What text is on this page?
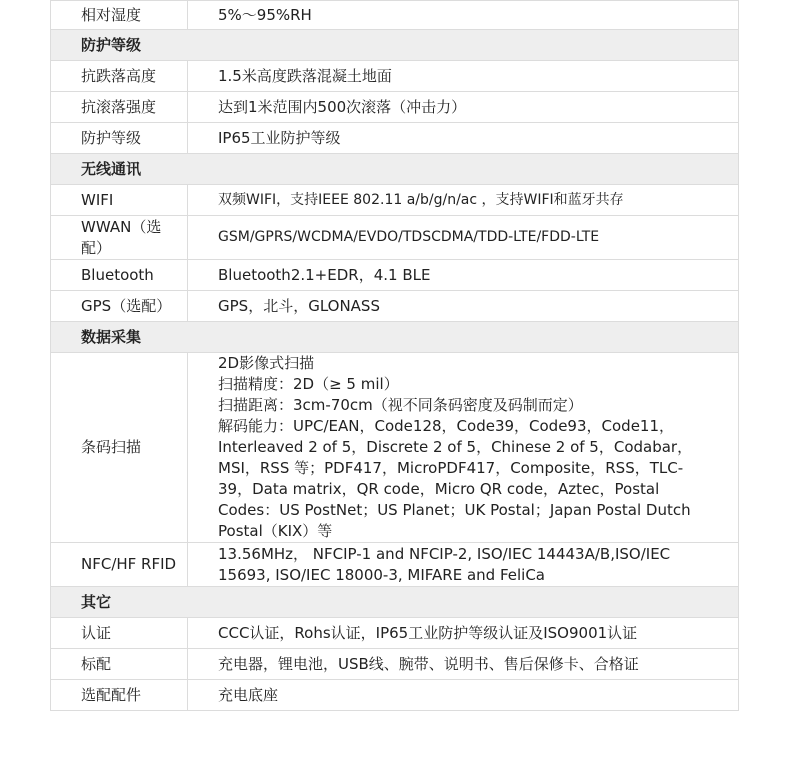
相对湿度	5%～95%RH
防护等级	
抗跌落高度	1.5米高度跌落混凝土地面
抗滚落强度	达到1米范围内500次滚落（冲击力）
防护等级	IP65工业防护等级
无线通讯	
WIFI	双频WIFI，支持IEEE 802.11 a/b/g/n/ac ，支持WIFI和蓝牙共存
WWAN（选配）	GSM/GPRS/WCDMA/EVDO/TDSCDMA/TDD-LTE/FDD-LTE
Bluetooth	Bluetooth2.1+EDR，4.1 BLE
GPS（选配）	GPS，北斗，GLONASS
数据采集	
条码扫描	2D影像式扫描
扫描精度：2D（≥ 5 mil）
扫描距离：3cm-70cm（视不同条码密度及码制而定）
解码能力：UPC/EAN，Code128，Code39，Code93，Code11，Interleaved 2 of 5，Discrete 2 of 5，Chinese 2 of 5，Codabar，MSI，RSS 等；PDF417，MicroPDF417，Composite，RSS，TLC-39，Data matrix，QR code，Micro QR code，Aztec，Postal Codes：US PostNet；US Planet；UK Postal；Japan Postal Dutch Postal（KIX）等

NFC/HF RFID	13.56MHz， NFCIP-1 and NFCIP-2, ISO/IEC 14443A/B,ISO/IEC 15693, ISO/IEC 18000-3, MIFARE and FeliCa
其它	
认证	CCC认证，Rohs认证，IP65工业防护等级认证及ISO9001认证
标配	充电器，锂电池，USB线、腕带、说明书、售后保修卡、合格证
选配配件	充电底座
